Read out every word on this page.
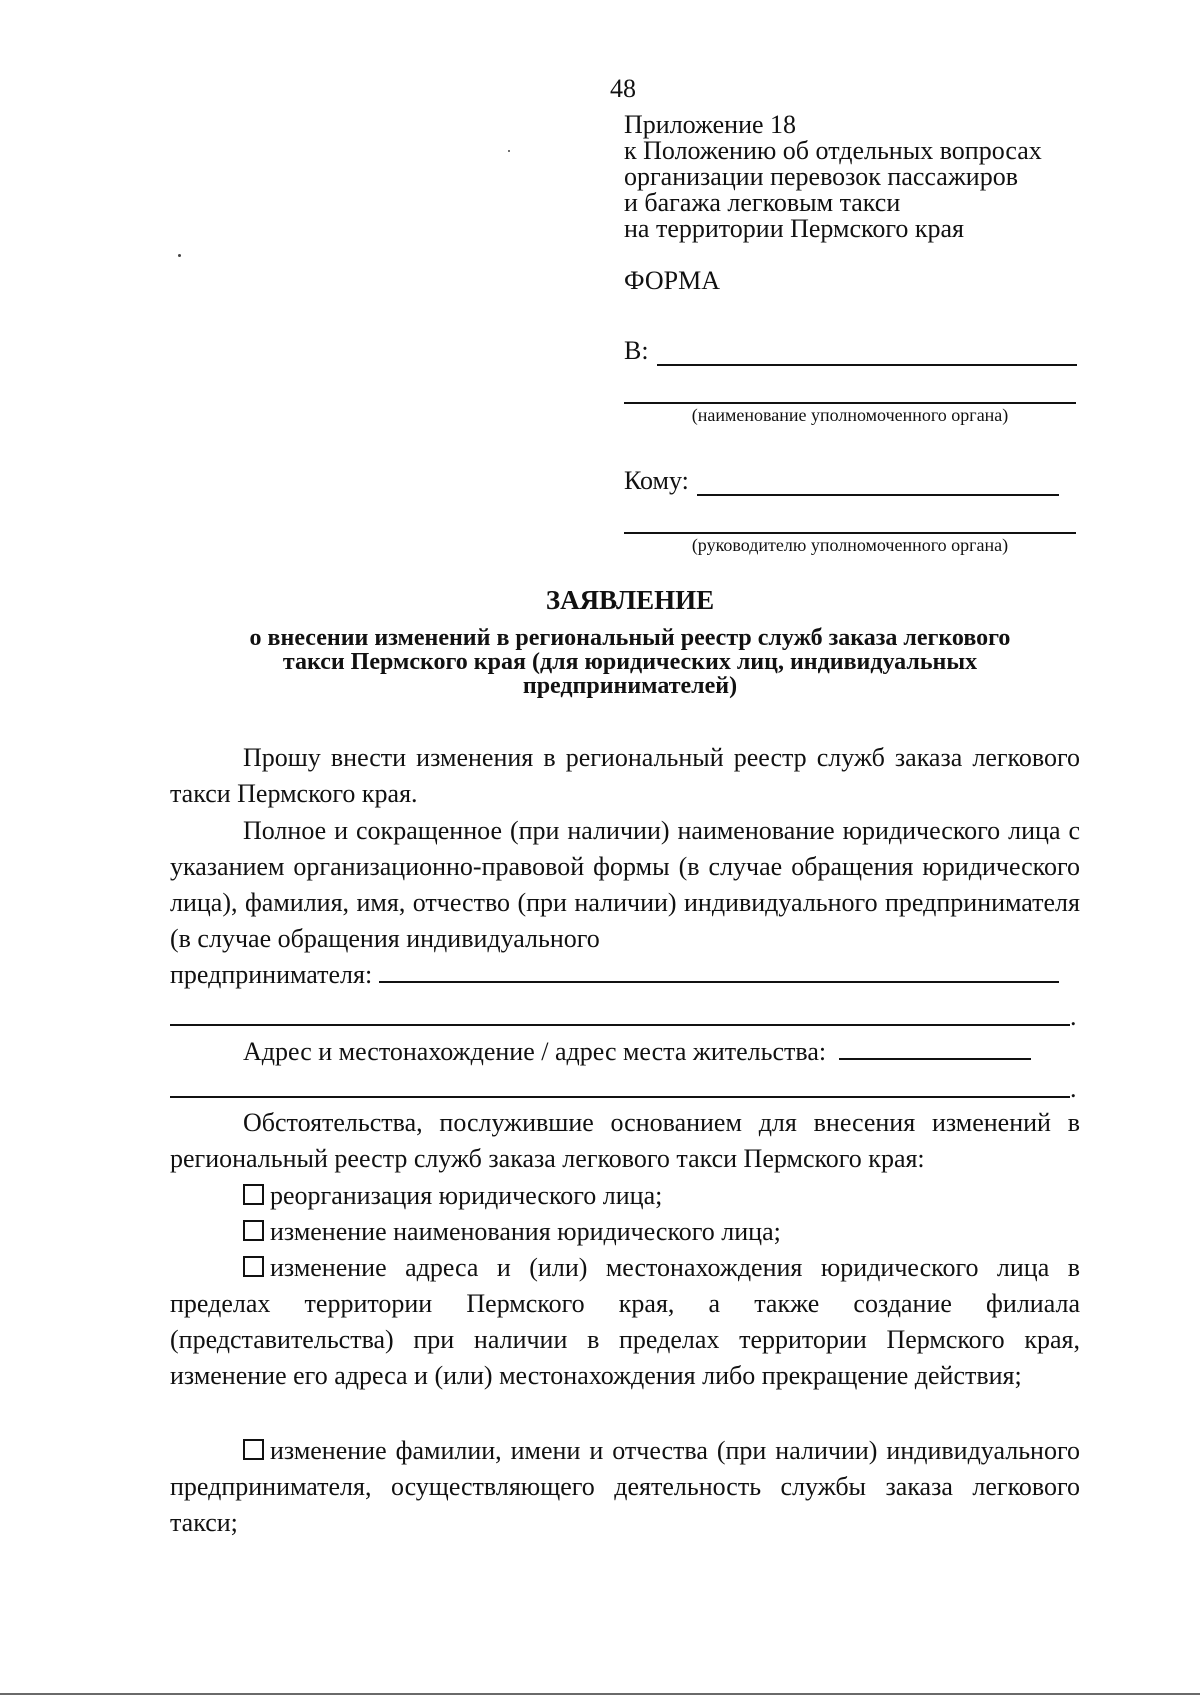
48
Приложение 18
к Положению об отдельных вопросах
организации перевозок пассажиров
и багажа легковым такси
на территории Пермского края
ФОРМА
В:
(наименование уполномоченного органа)
Кому:
(руководителю уполномоченного органа)
ЗАЯВЛЕНИЕ
о внесении изменений в региональный реестр служб заказа легкового
такси Пермского края (для юридических лиц, индивидуальных
предпринимателей)

Прошу внести изменения в региональный реестр служб заказа легкового такси Пермского края.

Полное и сокращенное (при наличии) наименование юридического лица с указанием организационно-правовой формы (в случае обращения юридического лица), фамилия, имя, отчество (при наличии) индивидуального предпринимателя (в случае обращения индивидуального

предпринимателя:
.
Адрес и местонахождение / адрес места жительства:
.

Обстоятельства, послужившие основанием для внесения изменений в региональный реестр служб заказа легкового такси Пермского края:

реорганизация юридического лица;

изменение наименования юридического лица;

изменение адреса и (или) местонахождения юридического лица в пределах территории Пермского края, а также создание филиала (представительства) при наличии в пределах территории Пермского края, изменение его адреса и (или) местонахождения либо прекращение действия;

изменение фамилии, имени и отчества (при наличии) индивидуального предпринимателя, осуществляющего деятельность службы заказа легкового такси;
